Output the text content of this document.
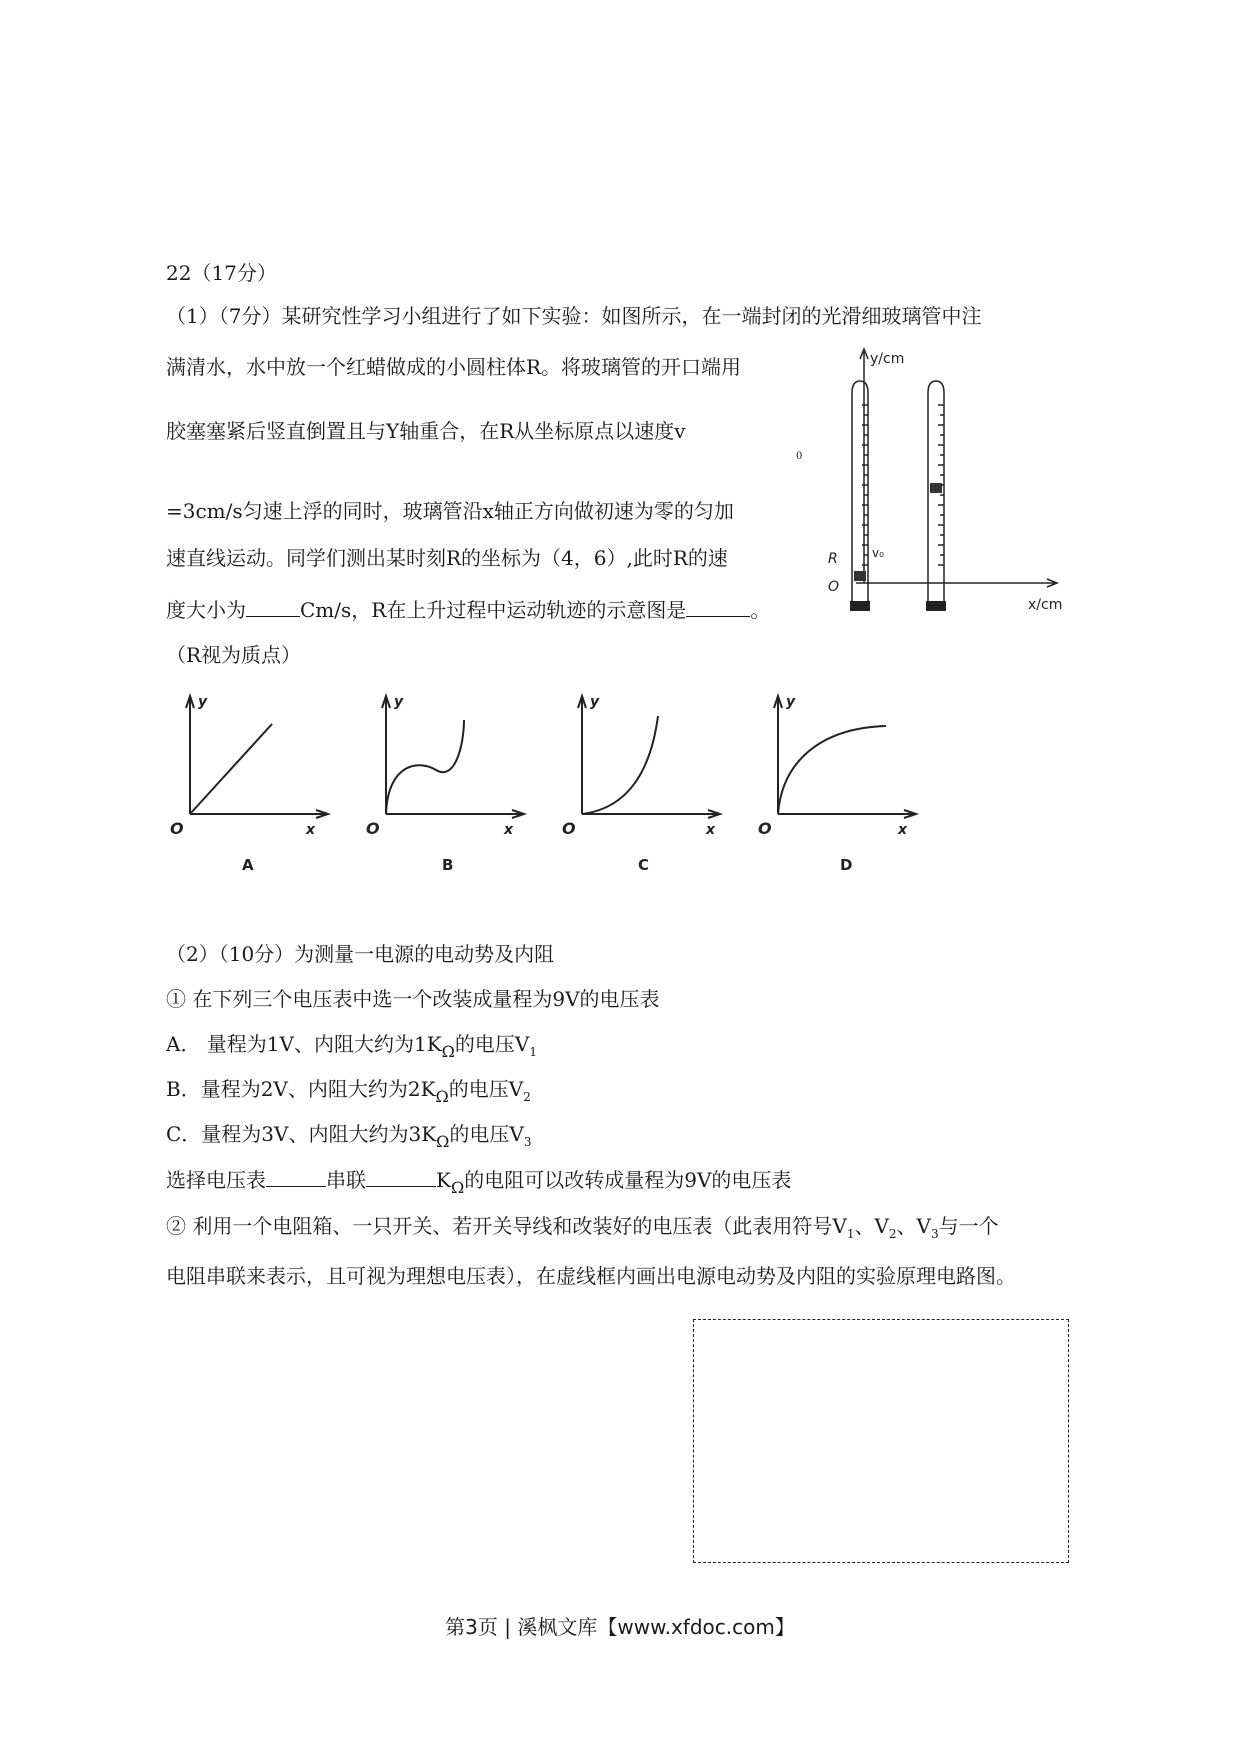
22（17分）
（1）（7分）某研究性学习小组进行了如下实验：如图所示，在一端封闭的光滑细玻璃管中注
满清水，水中放一个红蜡做成的小圆柱体R。将玻璃管的开口端用
胶塞塞紧后竖直倒置且与Y轴重合，在R从坐标原点以速度v
0
=3cm/s匀速上浮的同时，玻璃管沿x轴正方向做初速为零的匀加
速直线运动。同学们测出某时刻R的坐标为（4，6）,此时R的速
度大小为	Cm/s，R在上升过程中运动轨迹的示意图是	。
（R视为质点）
y/cm
x/cm
O
R	v₀
y
O	x
A
y
O	x
B
y
O	x
C
y
O	x
D
（2）（10分）为测量一电源的电动势及内阻
① 在下列三个电压表中选一个改装成量程为9V的电压表
A． 量程为1V、内阻大约为$1K_\Omega$的电压$V_1$
B．量程为2V、内阻大约为$2K_\Omega$的电压$V_2$
C．量程为3V、内阻大约为$3K_\Omega$的电压$V_3$
选择电压表	串联	$K_\Omega$的电阻可以改转成量程为9V的电压表
② 利用一个电阻箱、一只开关、若开关导线和改装好的电压表（此表用符号$V_1$、$V_2$、$V_3$与一个
电阻串联来表示，且可视为理想电压表），在虚线框内画出电源电动势及内阻的实验原理电路图。
第3页 | 溪枫文库【www.xfdoc.com】
